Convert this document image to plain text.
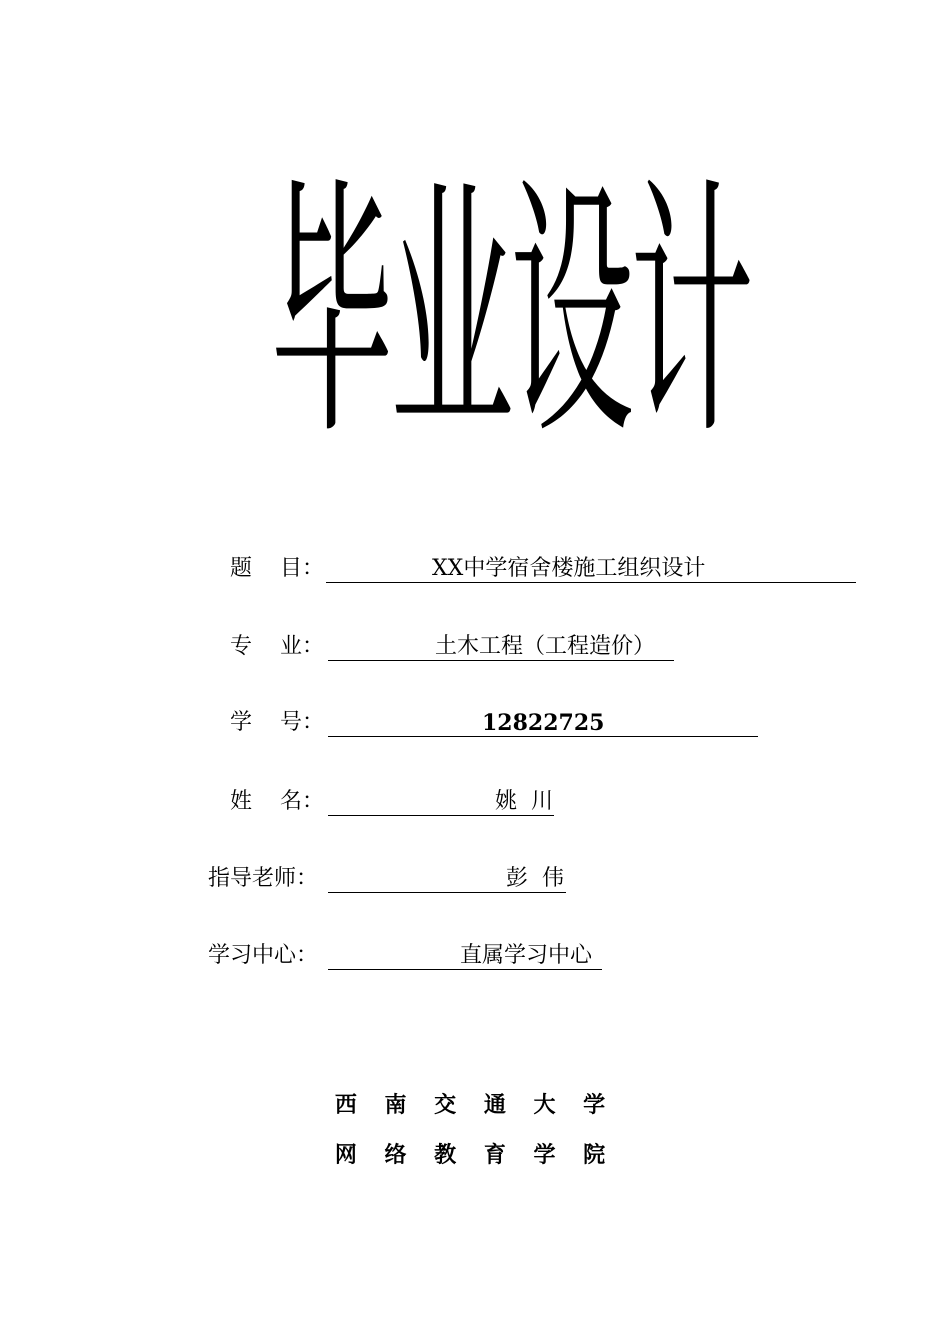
毕业设计
题    目：	XX中学宿舍楼施工组织设计
专    业：	土木工程（工程造价）
学    号：	12822725
姓    名：	姚  川
指导老师：	彭  伟
学习中心：	直属学习中心
西 南 交 通 大 学
网 络 教 育 学 院
